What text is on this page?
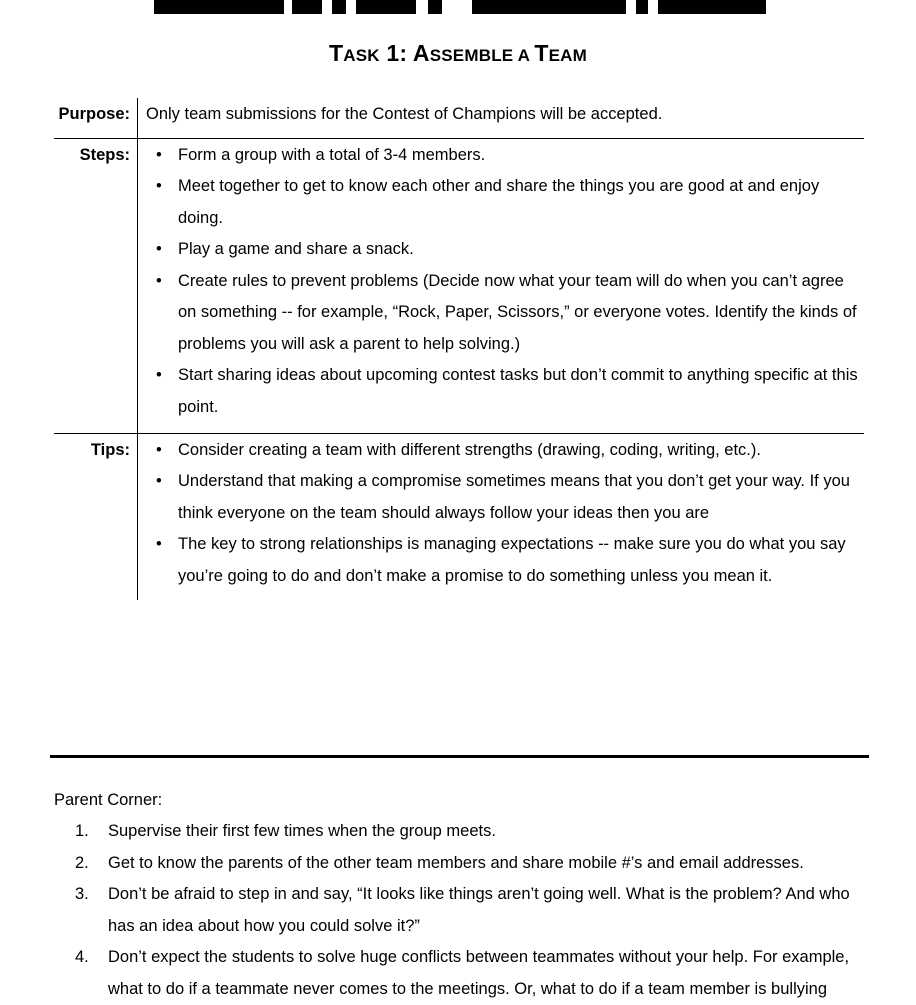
TASK 1: ASSEMBLE A TEAM
Purpose: Only team submissions for the Contest of Champions will be accepted.
Steps:	• Form a group with a total of 3-4 members.
• Meet together to get to know each other and share the things you are good at and enjoy doing.
• Play a game and share a snack.
• Create rules to prevent problems (Decide now what your team will do when you can’t agree on something -- for example, “Rock, Paper, Scissors,” or everyone votes. Identify the kinds of problems you will ask a parent to help solving.)
• Start sharing ideas about upcoming contest tasks but don’t commit to anything specific at this point.
Tips:	• Consider creating a team with different strengths (drawing, coding, writing, etc.).
• Understand that making a compromise sometimes means that you don’t get your way. If you think everyone on the team should always follow your ideas then you are
• The key to strong relationships is managing expectations -- make sure you do what you say you’re going to do and don’t make a promise to do something unless you mean it.
Parent Corner:
1. Supervise their first few times when the group meets.
2. Get to know the parents of the other team members and share mobile #’s and email addresses.
3. Don’t be afraid to step in and say, “It looks like things aren’t going well. What is the problem? And who has an idea about how you could solve it?”
4. Don’t expect the students to solve huge conflicts between teammates without your help. For example, what to do if a teammate never comes to the meetings. Or, what to do if a team member is bullying
